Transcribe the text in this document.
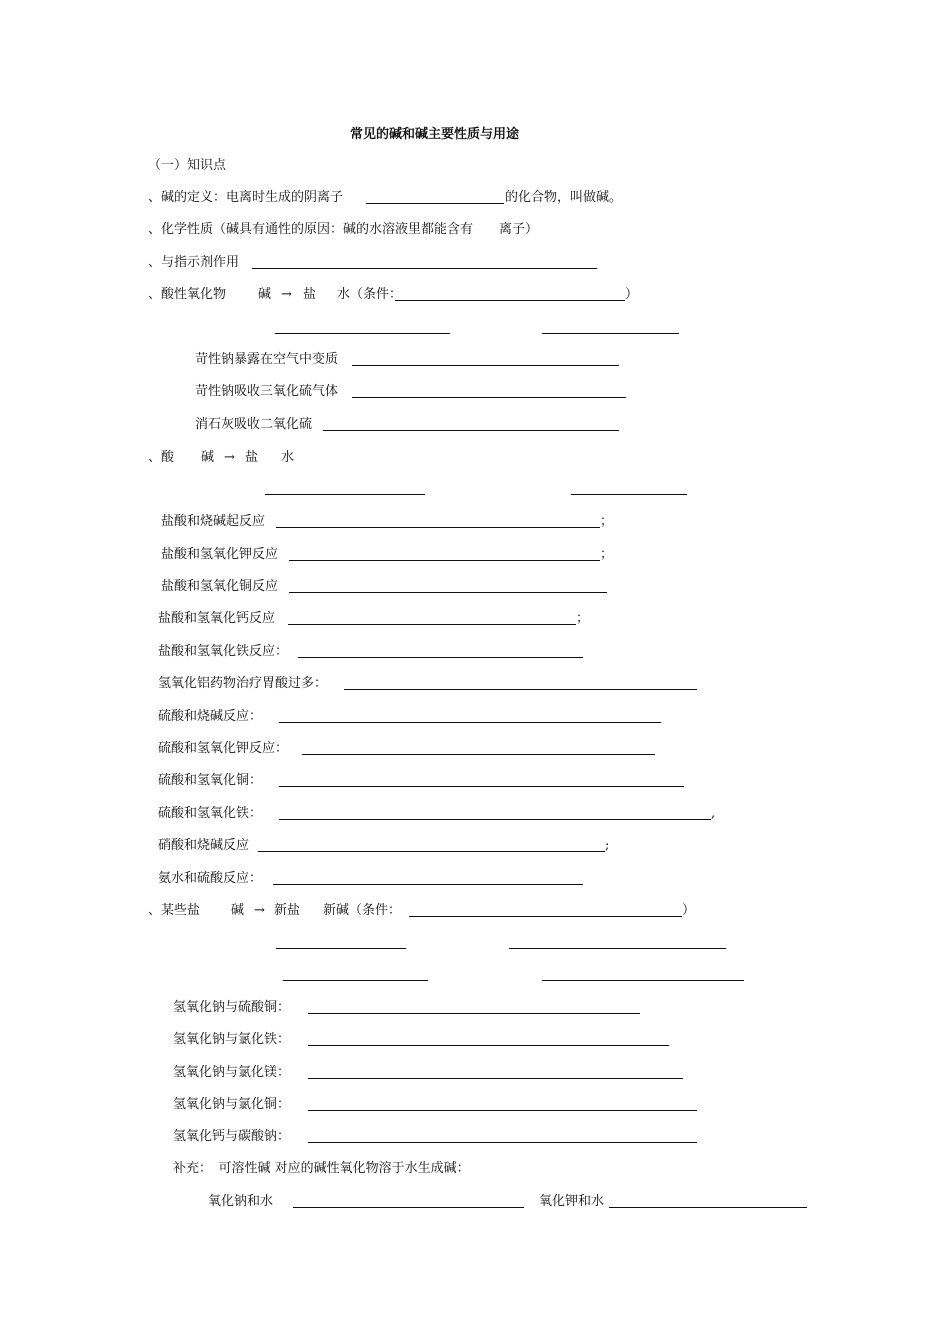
常见的碱和碱主要性质与用途
（一）知识点
、碱的定义：电离时生成的阴离子	的化合物，叫做碱。
、化学性质（碱具有通性的原因：碱的水溶液里都能含有　　离子）
、与指示剂作用
、酸性氧化物 碱 → 盐 水（条件：	）
苛性钠暴露在空气中变质
苛性钠吸收三氧化硫气体
消石灰吸收二氧化硫
、酸 碱 → 盐 水
盐酸和烧碱起反应	；
盐酸和氢氧化钾反应	；
盐酸和氢氧化铜反应
盐酸和氢氧化钙反应	；
盐酸和氢氧化铁反应：
氢氧化铝药物治疗胃酸过多：
硫酸和烧碱反应：
硫酸和氢氧化钾反应：
硫酸和氢氧化铜：
硫酸和氢氧化铁：	,
硝酸和烧碱反应	;
氨水和硫酸反应：
、某些盐 碱 → 新盐 新碱（条件：	）
氢氧化钠与硫酸铜：
氢氧化钠与氯化铁：
氢氧化钠与氯化镁：
氢氧化钠与氯化铜：
氢氧化钙与碳酸钠：
补充：　可溶性碱 对应的碱性氧化物溶于水生成碱：
氧化钠和水	氧化钾和水
